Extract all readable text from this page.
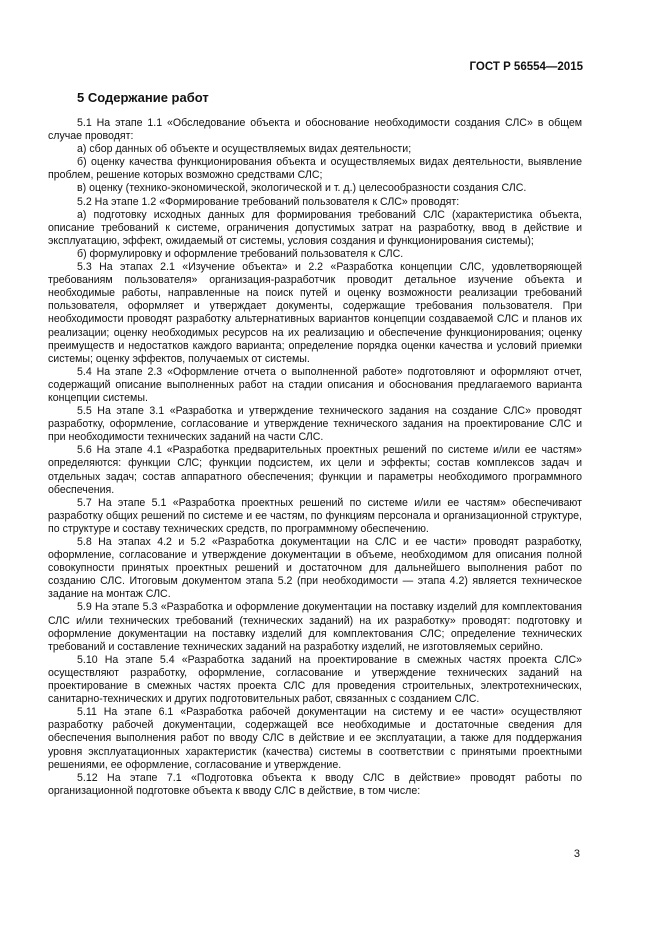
ГОСТ Р 56554—2015
5 Содержание работ

5.1 На этапе 1.1 «Обследование объекта и обоснование необходимости создания СЛС» в общем случае проводят:

а) сбор данных об объекте и осуществляемых видах деятельности;

б) оценку качества функционирования объекта и осуществляемых видах деятельности, выявление проблем, решение которых возможно средствами СЛС;

в) оценку (технико-экономической, экологической и т. д.) целесообразности создания СЛС.

5.2 На этапе 1.2 «Формирование требований пользователя к СЛС» проводят:

а) подготовку исходных данных для формирования требований СЛС (характеристика объекта, описание требований к системе, ограничения допустимых затрат на разработку, ввод в действие и эксплуатацию, эффект, ожидаемый от системы, условия создания и функционирования системы);

б) формулировку и оформление требований пользователя к СЛС.

5.3 На этапах 2.1 «Изучение объекта» и 2.2 «Разработка концепции СЛС, удовлетворяющей требованиям пользователя» организация-разработчик проводит детальное изучение объекта и необходимые работы, направленные на поиск путей и оценку возможности реализации требований пользователя, оформляет и утверждает документы, содержащие требования пользователя. При необходимости проводят разработку альтернативных вариантов концепции создаваемой СЛС и планов их реализации; оценку необходимых ресурсов на их реализацию и обеспечение функционирования; оценку преимуществ и недостатков каждого варианта; определение порядка оценки качества и условий приемки системы; оценку эффектов, получаемых от системы.

5.4 На этапе 2.3 «Оформление отчета о выполненной работе» подготовляют и оформляют отчет, содержащий описание выполненных работ на стадии описания и обоснования предлагаемого варианта концепции системы.

5.5 На этапе 3.1 «Разработка и утверждение технического задания на создание СЛС» проводят разработку, оформление, согласование и утверждение технического задания на проектирование СЛС и при необходимости технических заданий на части СЛС.

5.6 На этапе 4.1 «Разработка предварительных проектных решений по системе и/или ее частям» определяются: функции СЛС; функции подсистем, их цели и эффекты; состав комплексов задач и отдельных задач; состав аппаратного обеспечения; функции и параметры необходимого программного обеспечения.

5.7 На этапе 5.1 «Разработка проектных решений по системе и/или ее частям» обеспечивают разработку общих решений по системе и ее частям, по функциям персонала и организационной структуре, по структуре и составу технических средств, по программному обеспечению.

5.8 На этапах 4.2 и 5.2 «Разработка документации на СЛС и ее части» проводят разработку, оформление, согласование и утверждение документации в объеме, необходимом для описания полной совокупности принятых проектных решений и достаточном для дальнейшего выполнения работ по созданию СЛС. Итоговым документом этапа 5.2 (при необходимости — этапа 4.2) является техническое задание на монтаж СЛС.

5.9 На этапе 5.3 «Разработка и оформление документации на поставку изделий для комплектования СЛС и/или технических требований (технических заданий) на их разработку» проводят: подготовку и оформление документации на поставку изделий для комплектования СЛС; определение технических требований и составление технических заданий на разработку изделий, не изготовляемых серийно.

5.10 На этапе 5.4 «Разработка заданий на проектирование в смежных частях проекта СЛС» осуществляют разработку, оформление, согласование и утверждение технических заданий на проектирование в смежных частях проекта СЛС для проведения строительных, электротехнических, санитарно-технических и других подготовительных работ, связанных с созданием СЛС.

5.11 На этапе 6.1 «Разработка рабочей документации на систему и ее части» осуществляют разработку рабочей документации, содержащей все необходимые и достаточные сведения для обеспечения выполнения работ по вводу СЛС в действие и ее эксплуатации, а также для поддержания уровня эксплуатационных характеристик (качества) системы в соответствии с принятыми проектными решениями, ее оформление, согласование и утверждение.

5.12 На этапе 7.1 «Подготовка объекта к вводу СЛС в действие» проводят работы по организационной подготовке объекта к вводу СЛС в действие, в том числе:

3
